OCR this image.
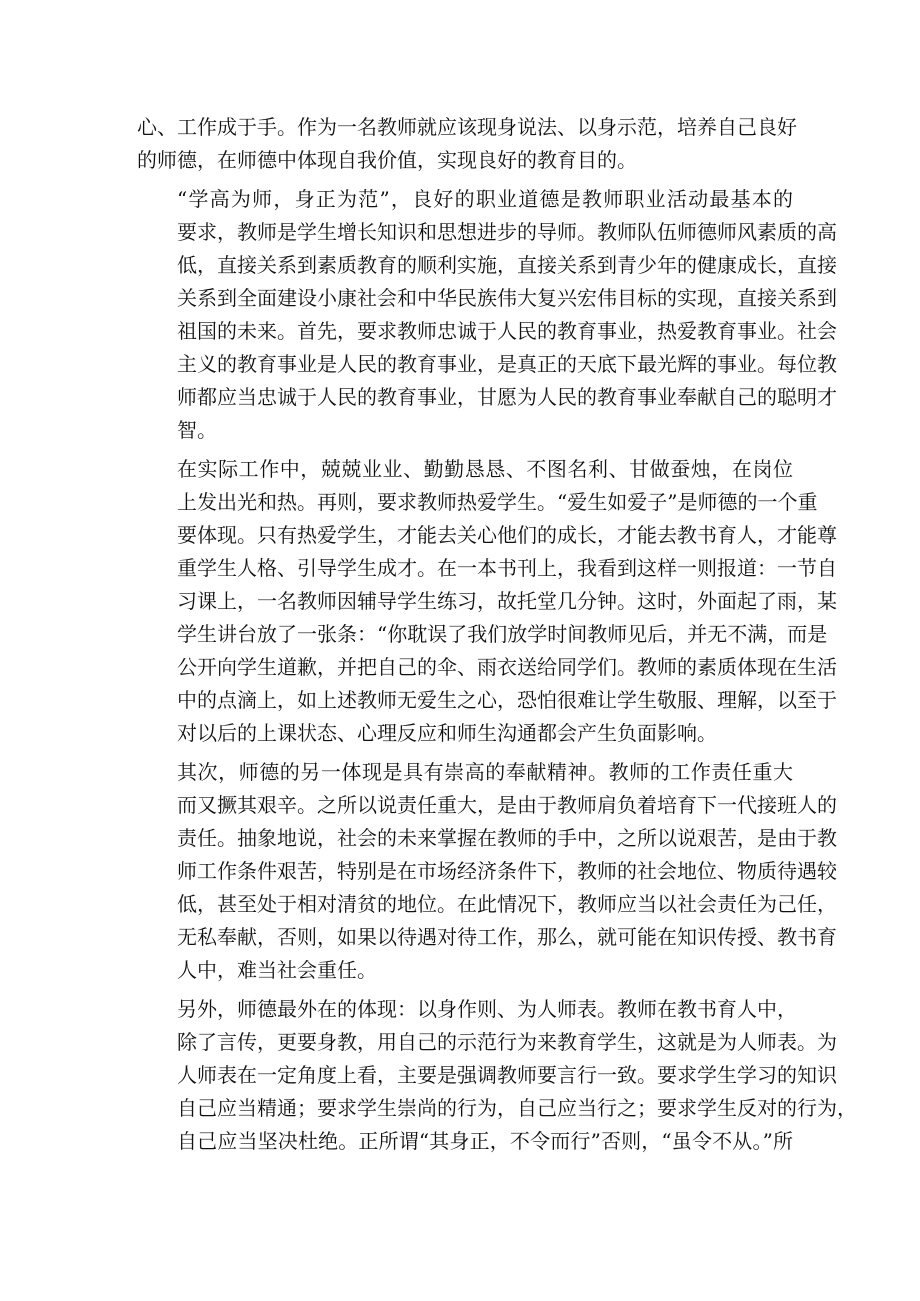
心、工作成于手。作为一名教师就应该现身说法、以身示范，培养自己良好
的师德，在师德中体现自我价值，实现良好的教育目的。

“学高为师，身正为范”，良好的职业道德是教师职业活动最基本的
要求，教师是学生增长知识和思想进步的导师。教师队伍师德师风素质的高
低，直接关系到素质教育的顺利实施，直接关系到青少年的健康成长，直接
关系到全面建设小康社会和中华民族伟大复兴宏伟目标的实现，直接关系到
祖国的未来。首先，要求教师忠诚于人民的教育事业，热爱教育事业。社会
主义的教育事业是人民的教育事业，是真正的天底下最光辉的事业。每位教
师都应当忠诚于人民的教育事业，甘愿为人民的教育事业奉献自己的聪明才
智。

在实际工作中，兢兢业业、勤勤恳恳、不图名利、甘做蚕烛，在岗位
上发出光和热。再则，要求教师热爱学生。“爱生如爱子”是师德的一个重
要体现。只有热爱学生，才能去关心他们的成长，才能去教书育人，才能尊
重学生人格、引导学生成才。在一本书刊上，我看到这样一则报道：一节自
习课上，一名教师因辅导学生练习，故托堂几分钟。这时，外面起了雨，某
学生讲台放了一张条：“你耽误了我们放学时间教师见后，并无不满，而是
公开向学生道歉，并把自己的伞、雨衣送给同学们。教师的素质体现在生活
中的点滴上，如上述教师无爱生之心，恐怕很难让学生敬服、理解，以至于
对以后的上课状态、心理反应和师生沟通都会产生负面影响。

其次，师德的另一体现是具有崇高的奉献精神。教师的工作责任重大
而又撅其艰辛。之所以说责任重大，是由于教师肩负着培育下一代接班人的
责任。抽象地说，社会的未来掌握在教师的手中，之所以说艰苦，是由于教
师工作条件艰苦，特别是在市场经济条件下，教师的社会地位、物质待遇较
低，甚至处于相对清贫的地位。在此情况下，教师应当以社会责任为己任，
无私奉献，否则，如果以待遇对待工作，那么，就可能在知识传授、教书育
人中，难当社会重任。

另外，师德最外在的体现：以身作则、为人师表。教师在教书育人中，
除了言传，更要身教，用自己的示范行为来教育学生，这就是为人师表。为
人师表在一定角度上看，主要是强调教师要言行一致。要求学生学习的知识
自己应当精通；要求学生崇尚的行为，自己应当行之；要求学生反对的行为，
自己应当坚决杜绝。正所谓“其身正，不令而行”否则，“虽令不从。”所
